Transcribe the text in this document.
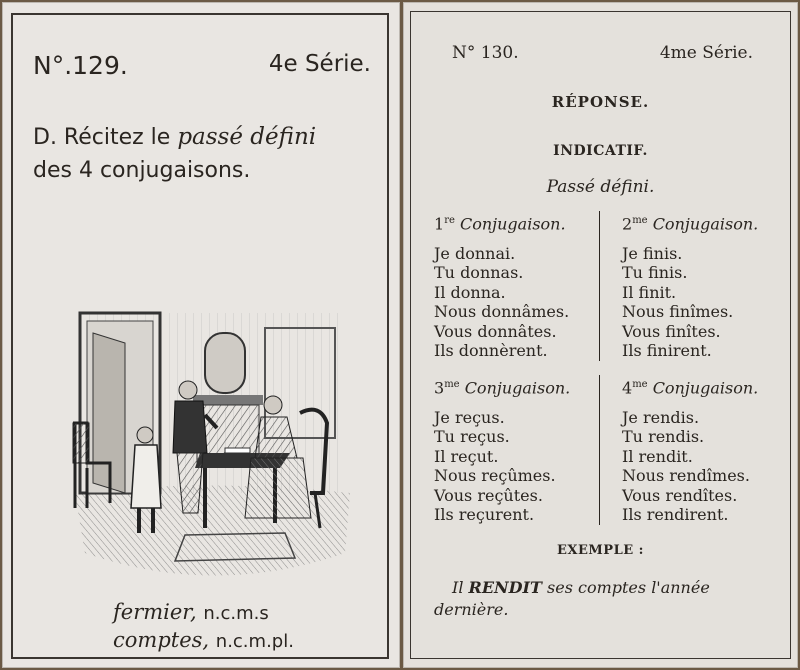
N°.129.	4e Série.
D. Récitez le passé défini
des 4 conjugaisons.
fermier, n.c.m.s
comptes, n.c.m.pl.
N° 130.	4me Série.
RÉPONSE.
INDICATIF.
Passé défini.
1re Conjugaison.
Je donnai.
Tu donnas.
Il donna.
Nous donnâmes.
Vous donnâtes.
Ils donnèrent.
$2^{me}$ Conjugaison.
Je finis.
Tu finis.
Il finit.
Nous finîmes.
Vous finîtes.
Ils finirent.
$3^{me}$ Conjugaison.
Je reçus.
Tu reçus.
Il reçut.
Nous reçûmes.
Vous reçûtes.
Ils reçurent.
$4^{me}$ Conjugaison.
Je rendis.
Tu rendis.
Il rendit.
Nous rendîmes.
Vous rendîtes.
Ils rendirent.
EXEMPLE :
Il RENDIT ses comptes l'année dernière.
